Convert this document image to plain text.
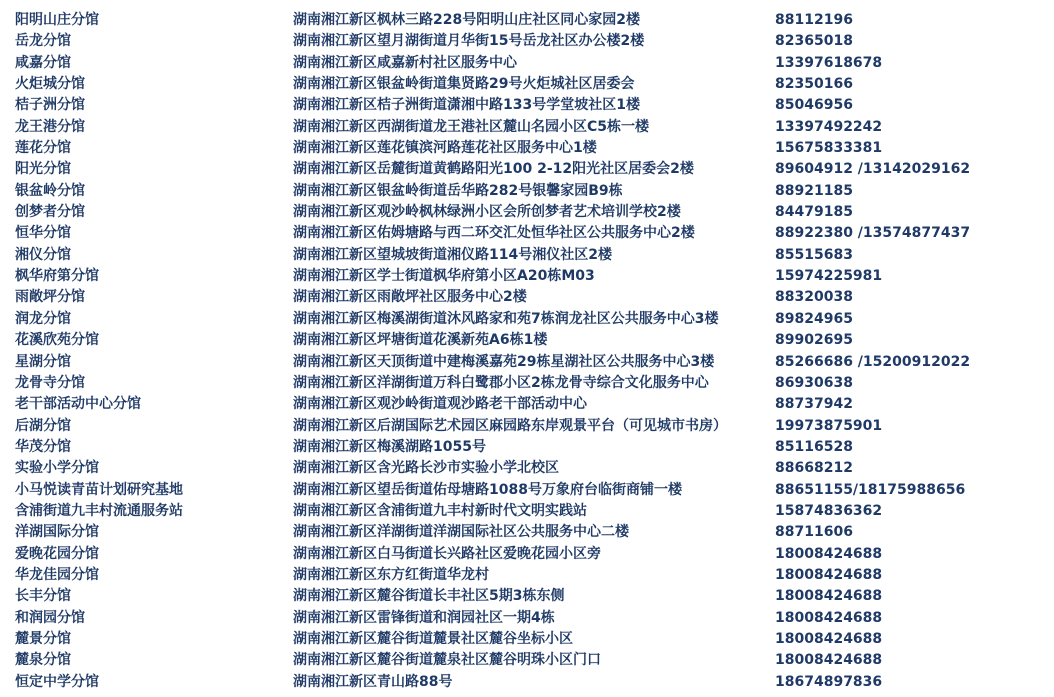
阳明山庄分馆	湖南湘江新区枫林三路228号阳明山庄社区同心家园2楼	88112196
岳龙分馆	湖南湘江新区望月湖街道月华街15号岳龙社区办公楼2楼	82365018
咸嘉分馆	湖南湘江新区咸嘉新村社区服务中心	13397618678
火炬城分馆	湖南湘江新区银盆岭街道集贤路29号火炬城社区居委会	82350166
桔子洲分馆	湖南湘江新区桔子洲街道潇湘中路133号学堂坡社区1楼	85046956
龙王港分馆	湖南湘江新区西湖街道龙王港社区麓山名园小区C5栋一楼	13397492242
莲花分馆	湖南湘江新区莲花镇滨河路莲花社区服务中心1楼	15675833381
阳光分馆	湖南湘江新区岳麓街道黄鹤路阳光100 2-12阳光社区居委会2楼	89604912 /13142029162
银盆岭分馆	湖南湘江新区银盆岭街道岳华路282号银馨家园B9栋	88921185
创梦者分馆	湖南湘江新区观沙岭枫林绿洲小区会所创梦者艺术培训学校2楼	84479185
恒华分馆	湖南湘江新区佑姆塘路与西二环交汇处恒华社区公共服务中心2楼	88922380 /13574877437
湘仪分馆	湖南湘江新区望城坡街道湘仪路114号湘仪社区2楼	85515683
枫华府第分馆	湖南湘江新区学士街道枫华府第小区A20栋M03	15974225981
雨敞坪分馆	湖南湘江新区雨敞坪社区服务中心2楼	88320038
润龙分馆	湖南湘江新区梅溪湖街道沐风路家和苑7栋润龙社区公共服务中心3楼	89824965
花溪欣苑分馆	湖南湘江新区坪塘街道花溪新苑A6栋1楼	89902695
星湖分馆	湖南湘江新区天顶街道中建梅溪嘉苑29栋星湖社区公共服务中心3楼	85266686 /15200912022
龙骨寺分馆	湖南湘江新区洋湖街道万科白鹭郡小区2栋龙骨寺综合文化服务中心	86930638
老干部活动中心分馆	湖南湘江新区观沙岭街道观沙路老干部活动中心	88737942
后湖分馆	湖南湘江新区后湖国际艺术园区麻园路东岸观景平台（可见城市书房）	19973875901
华茂分馆	湖南湘江新区梅溪湖路1055号	85116528
实验小学分馆	湖南湘江新区含光路长沙市实验小学北校区	88668212
小马悦读青苗计划研究基地	湖南湘江新区望岳街道佑母塘路1088号万象府台临街商铺一楼	88651155/18175988656
含浦街道九丰村流通服务站	湖南湘江新区含浦街道九丰村新时代文明实践站	15874836362
洋湖国际分馆	湖南湘江新区洋湖街道洋湖国际社区公共服务中心二楼	88711606
爱晚花园分馆	湖南湘江新区白马街道长兴路社区爱晚花园小区旁	18008424688
华龙佳园分馆	湖南湘江新区东方红街道华龙村	18008424688
长丰分馆	湖南湘江新区麓谷街道长丰社区5期3栋东侧	18008424688
和润园分馆	湖南湘江新区雷锋街道和润园社区一期4栋	18008424688
麓景分馆	湖南湘江新区麓谷街道麓景社区麓谷坐标小区	18008424688
麓泉分馆	湖南湘江新区麓谷街道麓泉社区麓谷明珠小区门口	18008424688
恒定中学分馆	湖南湘江新区青山路88号	18674897836
